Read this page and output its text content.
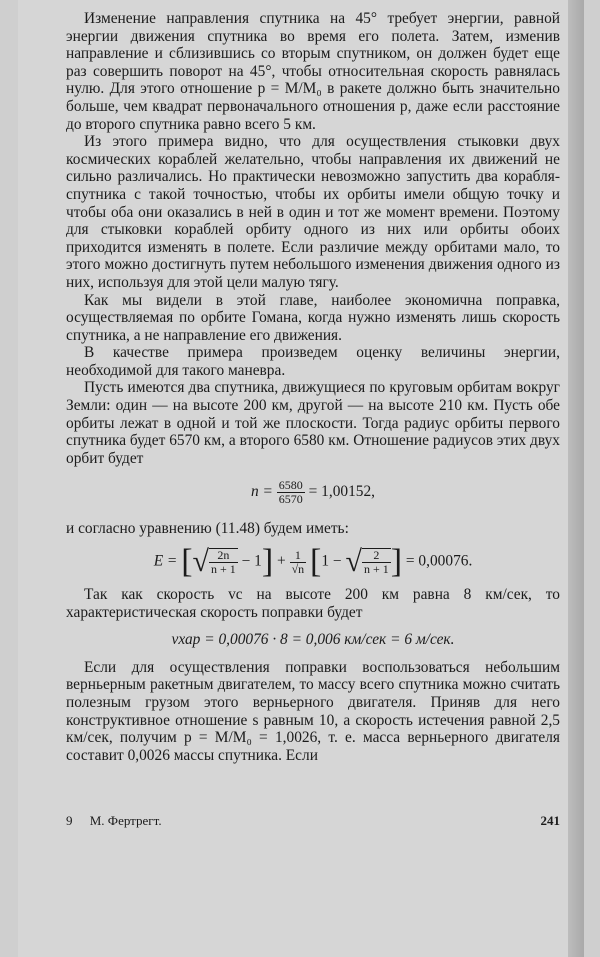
Изменение направления спутника на 45° требует энергии, равной энергии движения спутника во время его полета. Затем, изменив направление и сблизившись со вторым спутником, он должен будет еще раз совершить поворот на 45°, чтобы относительная скорость равнялась нулю. Для этого отношение p = M/M₀ в ракете должно быть значительно больше, чем квадрат первоначального отношения p, даже если расстояние до второго спутника равно всего 5 км.

Из этого примера видно, что для осуществления стыковки двух космических кораблей желательно, чтобы направления их движений не сильно различались. Но практически невозможно запустить два корабля-спутника с такой точностью, чтобы их орбиты имели общую точку и чтобы оба они оказались в ней в один и тот же момент времени. Поэтому для стыковки кораблей орбиту одного из них или орбиты обоих приходится изменять в полете. Если различие между орбитами мало, то этого можно достигнуть путем небольшого изменения движения одного из них, используя для этой цели малую тягу.

Как мы видели в этой главе, наиболее экономична поправка, осуществляемая по орбите Гомана, когда нужно изменять лишь скорость спутника, а не направление его движения.

В качестве примера произведем оценку величины энергии, необходимой для такого маневра.

Пусть имеются два спутника, движущиеся по круговым орбитам вокруг Земли: один — на высоте 200 км, другой — на высоте 210 км. Пусть обе орбиты лежат в одной и той же плоскости. Тогда радиус орбиты первого спутника будет 6570 км, а второго 6580 км. Отношение радиусов этих двух орбит будет

$n = \frac{6580}{6570} = 1,00152$,

и согласно уравнению (11.48) будем иметь:

E = [√ $\frac{2n}{n + 1} - 1] + \frac{1}{√n} [1$ − √ $\frac{2}{n + 1}$ ] = 0,00076.

Так как скорость vc на высоте 200 км равна 8 км/сек, то характеристическая скорость поправки будет

vхар = 0,00076 · 8 = 0,006 км/сек = 6 м/сек.

Если для осуществления поправки воспользоваться небольшим верньерным ракетным двигателем, то массу всего спутника можно считать полезным грузом этого верньерного двигателя. Приняв для него конструктивное отношение s равным 10, а скорость истечения равной 2,5 км/сек, получим p = M/M₀ = 1,0026, т. е. масса верньерного двигателя составит 0,0026 массы спутника. Если

9 М. Фертрегт.	241
